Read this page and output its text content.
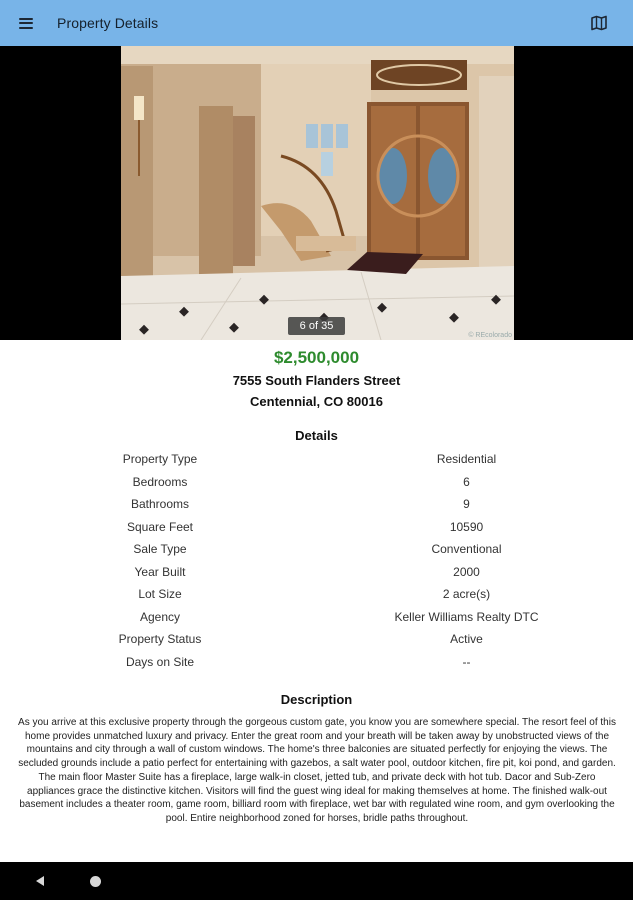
Property Details
6 of 35
© REcolorado
$2,500,000
7555 South Flanders Street
Centennial, CO 80016
Details
Property Type	Residential
Bedrooms	6
Bathrooms	9
Square Feet	10590
Sale Type	Conventional
Year Built	2000
Lot Size	2 acre(s)
Agency	Keller Williams Realty DTC
Property Status	Active
Days on Site	--
Description
As you arrive at this exclusive property through the gorgeous custom gate, you know you are somewhere special. The resort feel of this home provides unmatched luxury and privacy. Enter the great room and your breath will be taken away by unobstructed views of the mountains and city through a wall of custom windows. The home's three balconies are situated perfectly for enjoying the views. The secluded grounds include a patio perfect for entertaining with gazebos, a salt water pool, outdoor kitchen, fire pit, koi pond, and garden. The main floor Master Suite has a fireplace, large walk-in closet, jetted tub, and private deck with hot tub. Dacor and Sub-Zero appliances grace the distinctive kitchen. Visitors will find the guest wing ideal for making themselves at home. The finished walk-out basement includes a theater room, game room, billiard room with fireplace, wet bar with regulated wine room, and gym overlooking the pool. Entire neighborhood zoned for horses, bridle paths throughout.
